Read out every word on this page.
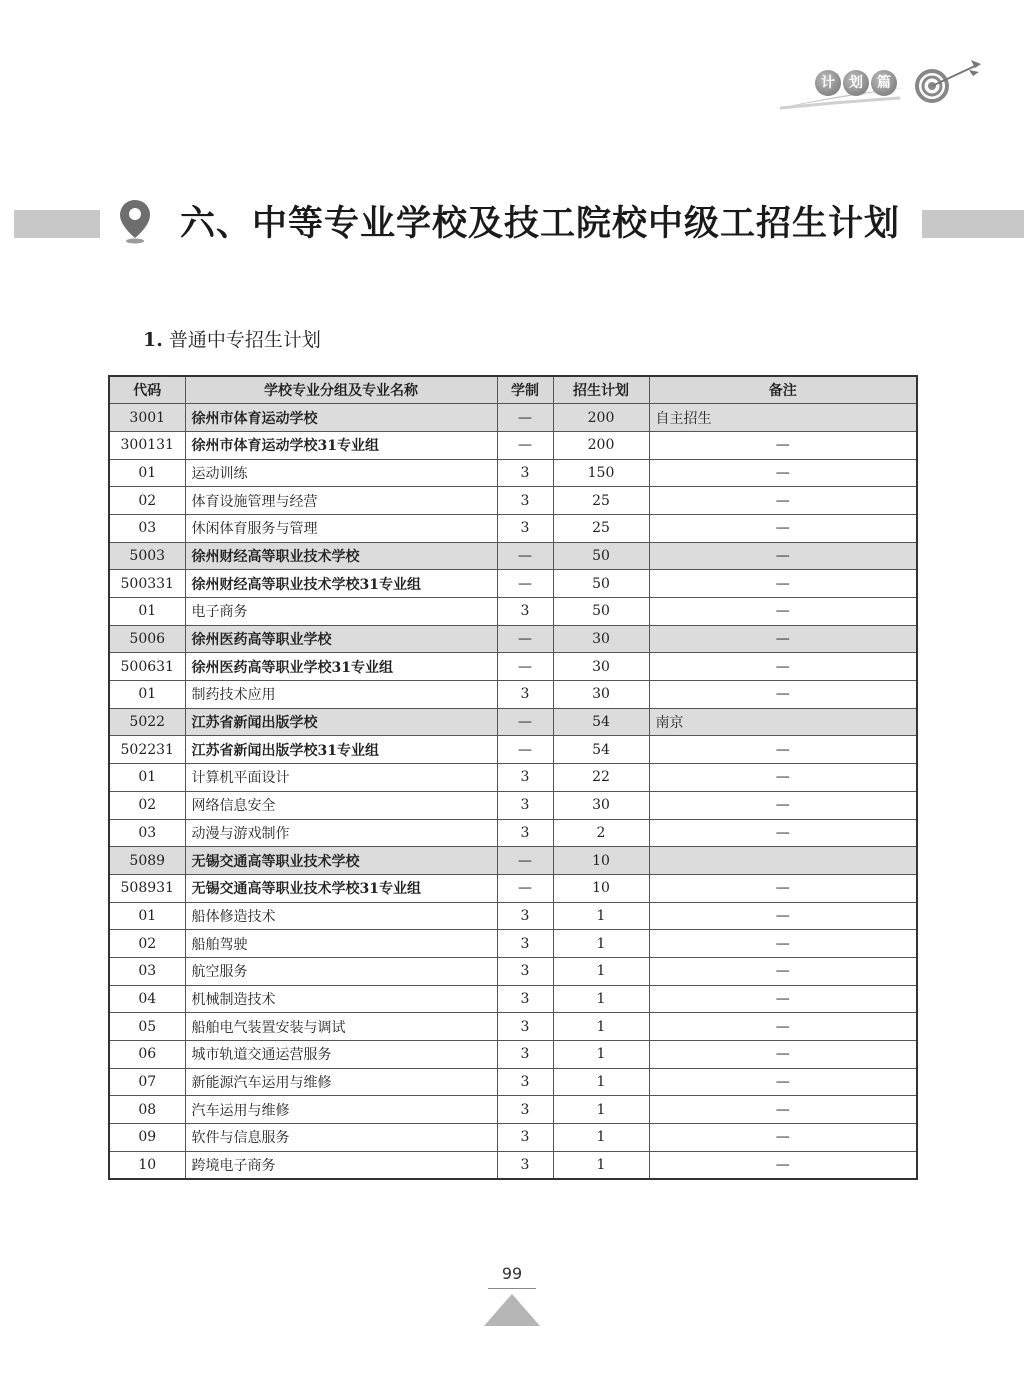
计	划	篇
六、中等专业学校及技工院校中级工招生计划
1. 普通中专招生计划
代码	学校专业分组及专业名称	学制	招生计划	备注
3001	徐州市体育运动学校	—	200	自主招生
300131	徐州市体育运动学校31专业组	—	200	—
01	运动训练	3	150	—
02	体育设施管理与经营	3	25	—
03	休闲体育服务与管理	3	25	—
5003	徐州财经高等职业技术学校	—	50	—
500331	徐州财经高等职业技术学校31专业组	—	50	—
01	电子商务	3	50	—
5006	徐州医药高等职业学校	—	30	—
500631	徐州医药高等职业学校31专业组	—	30	—
01	制药技术应用	3	30	—
5022	江苏省新闻出版学校	—	54	南京
502231	江苏省新闻出版学校31专业组	—	54	—
01	计算机平面设计	3	22	—
02	网络信息安全	3	30	—
03	动漫与游戏制作	3	2	—
5089	无锡交通高等职业技术学校	—	10	
508931	无锡交通高等职业技术学校31专业组	—	10	—
01	船体修造技术	3	1	—
02	船舶驾驶	3	1	—
03	航空服务	3	1	—
04	机械制造技术	3	1	—
05	船舶电气装置安装与调试	3	1	—
06	城市轨道交通运营服务	3	1	—
07	新能源汽车运用与维修	3	1	—
08	汽车运用与维修	3	1	—
09	软件与信息服务	3	1	—
10	跨境电子商务	3	1	—
99
